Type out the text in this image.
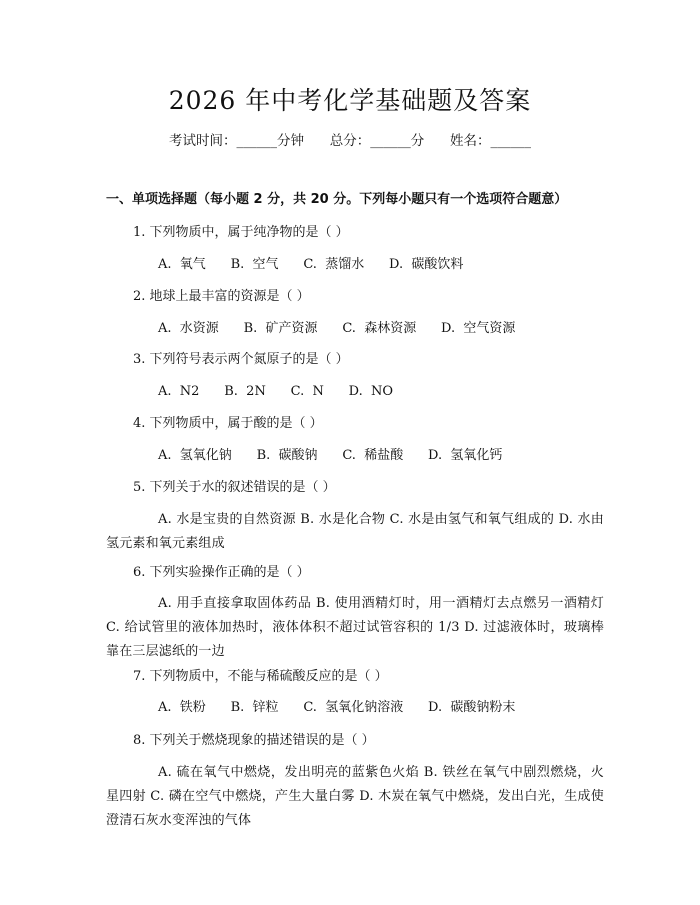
2026 年中考化学基础题及答案
考试时间：______分钟      总分：______分      姓名：______
一、单项选择题（每小题 2 分，共 20 分。下列每小题只有一个选项符合题意）
1. 下列物质中，属于纯净物的是（ ）
A.  氧气      B.  空气      C.  蒸馏水      D.  碳酸饮料
2. 地球上最丰富的资源是（ ）
A.  水资源      B.  矿产资源      C.  森林资源      D.  空气资源
3. 下列符号表示两个氮原子的是（ ）
A.  N2      B.  2N      C.  N      D.  NO
4. 下列物质中，属于酸的是（ ）
A.  氢氧化钠      B.  碳酸钠      C.  稀盐酸      D.  氢氧化钙
5. 下列关于水的叙述错误的是（ ）
A. 水是宝贵的自然资源 B. 水是化合物 C. 水是由氢气和氧气组成的 D. 水由氢元素和氧元素组成
6. 下列实验操作正确的是（ ）
A. 用手直接拿取固体药品 B. 使用酒精灯时，用一酒精灯去点燃另一酒精灯 C. 给试管里的液体加热时，液体体积不超过试管容积的 1/3 D. 过滤液体时，玻璃棒靠在三层滤纸的一边
7. 下列物质中，不能与稀硫酸反应的是（ ）
A.  铁粉      B.  锌粒      C.  氢氧化钠溶液      D.  碳酸钠粉末
8. 下列关于燃烧现象的描述错误的是（ ）
A. 硫在氧气中燃烧，发出明亮的蓝紫色火焰 B. 铁丝在氧气中剧烈燃烧，火星四射 C. 磷在空气中燃烧，产生大量白雾 D. 木炭在氧气中燃烧，发出白光，生成使澄清石灰水变浑浊的气体
